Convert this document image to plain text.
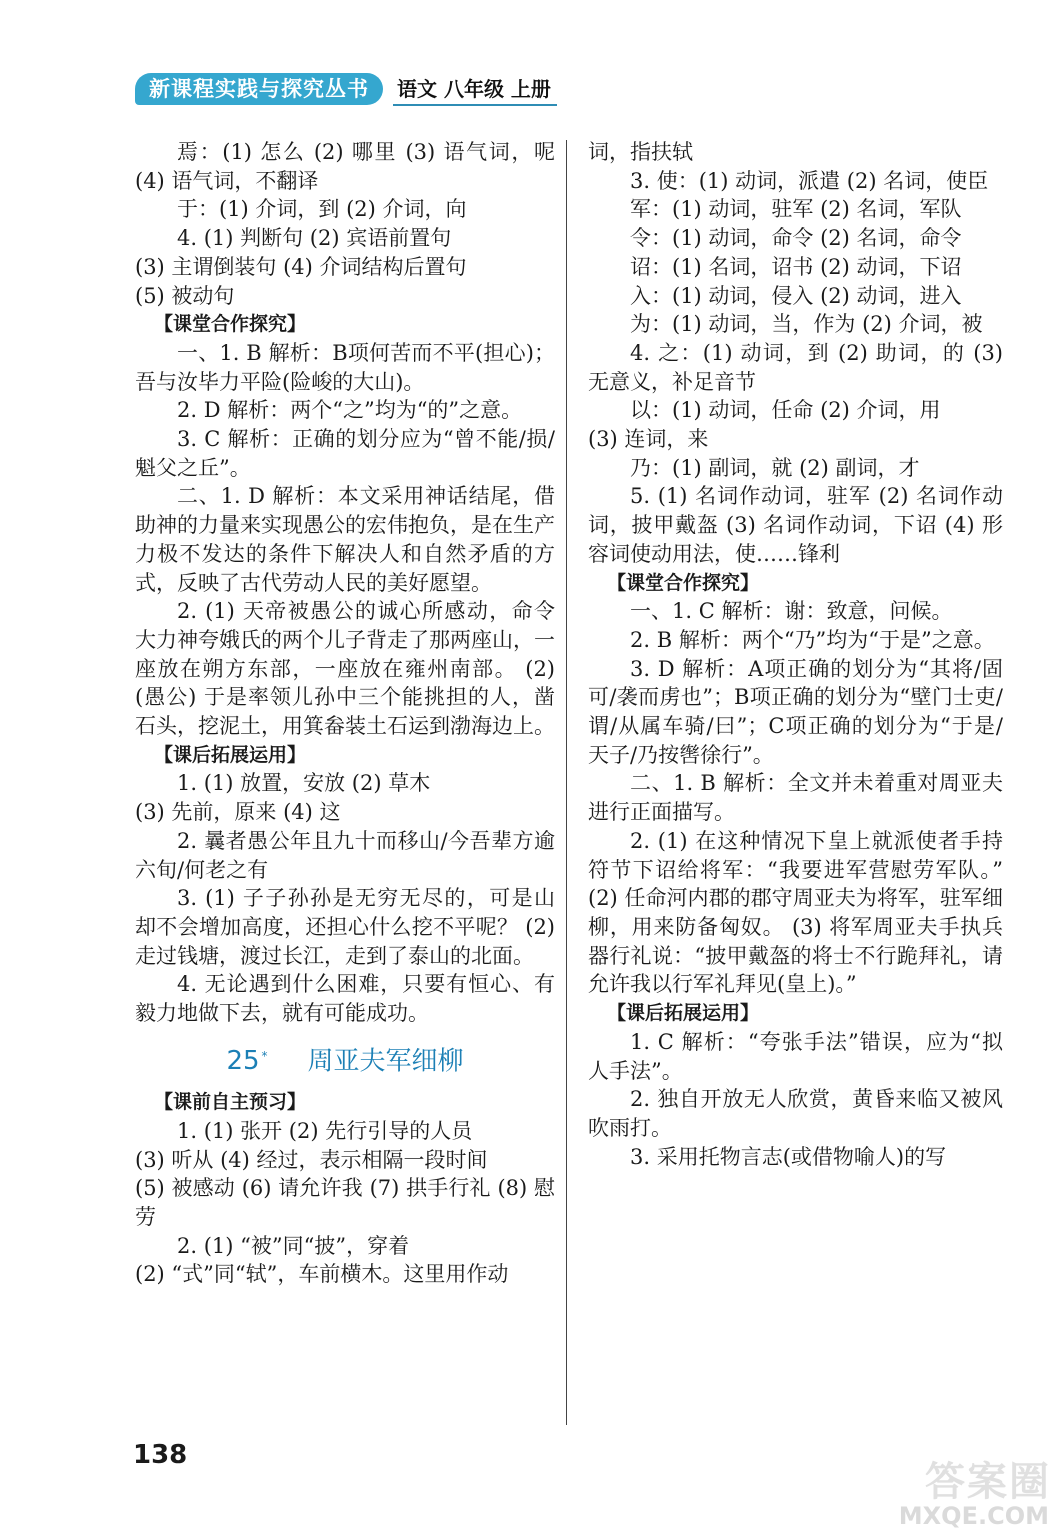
新课程实践与探究丛书	语文 八年级 上册

焉：(1) 怎么 (2) 哪里 (3) 语气词，呢 (4) 语气词，不翻译

于：(1) 介词，到 (2) 介词，向

4. (1) 判断句 (2) 宾语前置句

(3) 主谓倒装句 (4) 介词结构后置句

(5) 被动句

【课堂合作探究】

一、1. B 解析：B项何苦而不平(担心)；吾与汝毕力平险(险峻的大山)。

2. D 解析：两个“之”均为“的”之意。

3. C 解析：正确的划分应为“曾不能/损/魁父之丘”。

二、1. D 解析：本文采用神话结尾，借助神的力量来实现愚公的宏伟抱负，是在生产力极不发达的条件下解决人和自然矛盾的方式，反映了古代劳动人民的美好愿望。

2. (1) 天帝被愚公的诚心所感动，命令大力神夸娥氏的两个儿子背走了那两座山，一座放在朔方东部，一座放在雍州南部。 (2) (愚公) 于是率领儿孙中三个能挑担的人，凿石头，挖泥土，用箕畚装土石运到渤海边上。

【课后拓展运用】

1. (1) 放置，安放 (2) 草木

(3) 先前，原来 (4) 这

2. 曩者愚公年且九十而移山/今吾辈方逾六旬/何老之有

3. (1) 子子孙孙是无穷无尽的，可是山却不会增加高度，还担心什么挖不平呢？ (2) 走过钱塘，渡过长江，走到了泰山的北面。

4. 无论遇到什么困难，只要有恒心、有毅力地做下去，就有可能成功。

25 * 周亚夫军细柳

【课前自主预习】

1. (1) 张开 (2) 先行引导的人员

(3) 听从 (4) 经过，表示相隔一段时间

(5) 被感动 (6) 请允许我 (7) 拱手行礼 (8) 慰劳

2. (1) “被”同“披”，穿着

(2) “式”同“轼”，车前横木。这里用作动

词，指扶轼

3. 使：(1) 动词，派遣 (2) 名词，使臣

军：(1) 动词，驻军 (2) 名词，军队

令：(1) 动词，命令 (2) 名词，命令

诏：(1) 名词，诏书 (2) 动词，下诏

入：(1) 动词，侵入 (2) 动词，进入

为：(1) 动词，当，作为 (2) 介词，被

4. 之：(1) 动词，到 (2) 助词，的 (3) 无意义，补足音节

以：(1) 动词，任命 (2) 介词，用

(3) 连词，来

乃：(1) 副词，就 (2) 副词，才

5. (1) 名词作动词，驻军 (2) 名词作动词，披甲戴盔 (3) 名词作动词，下诏 (4) 形容词使动用法，使……锋利

【课堂合作探究】

一、1. C 解析：谢：致意，问候。

2. B 解析：两个“乃”均为“于是”之意。

3. D 解析：A项正确的划分为“其将/固可/袭而虏也”；B项正确的划分为“壁门士吏/谓/从属车骑/曰”；C项正确的划分为“于是/天子/乃按辔徐行”。

二、1. B 解析：全文并未着重对周亚夫进行正面描写。

2. (1) 在这种情况下皇上就派使者手持符节下诏给将军：“我要进军营慰劳军队。” (2) 任命河内郡的郡守周亚夫为将军，驻军细柳，用来防备匈奴。 (3) 将军周亚夫手执兵器行礼说：“披甲戴盔的将士不行跪拜礼，请允许我以行军礼拜见(皇上)。”

【课后拓展运用】

1. C 解析：“夸张手法”错误，应为“拟人手法”。

2. 独自开放无人欣赏，黄昏来临又被风吹雨打。

3. 采用托物言志(或借物喻人)的写

138
答案圈
MXQE.COM
